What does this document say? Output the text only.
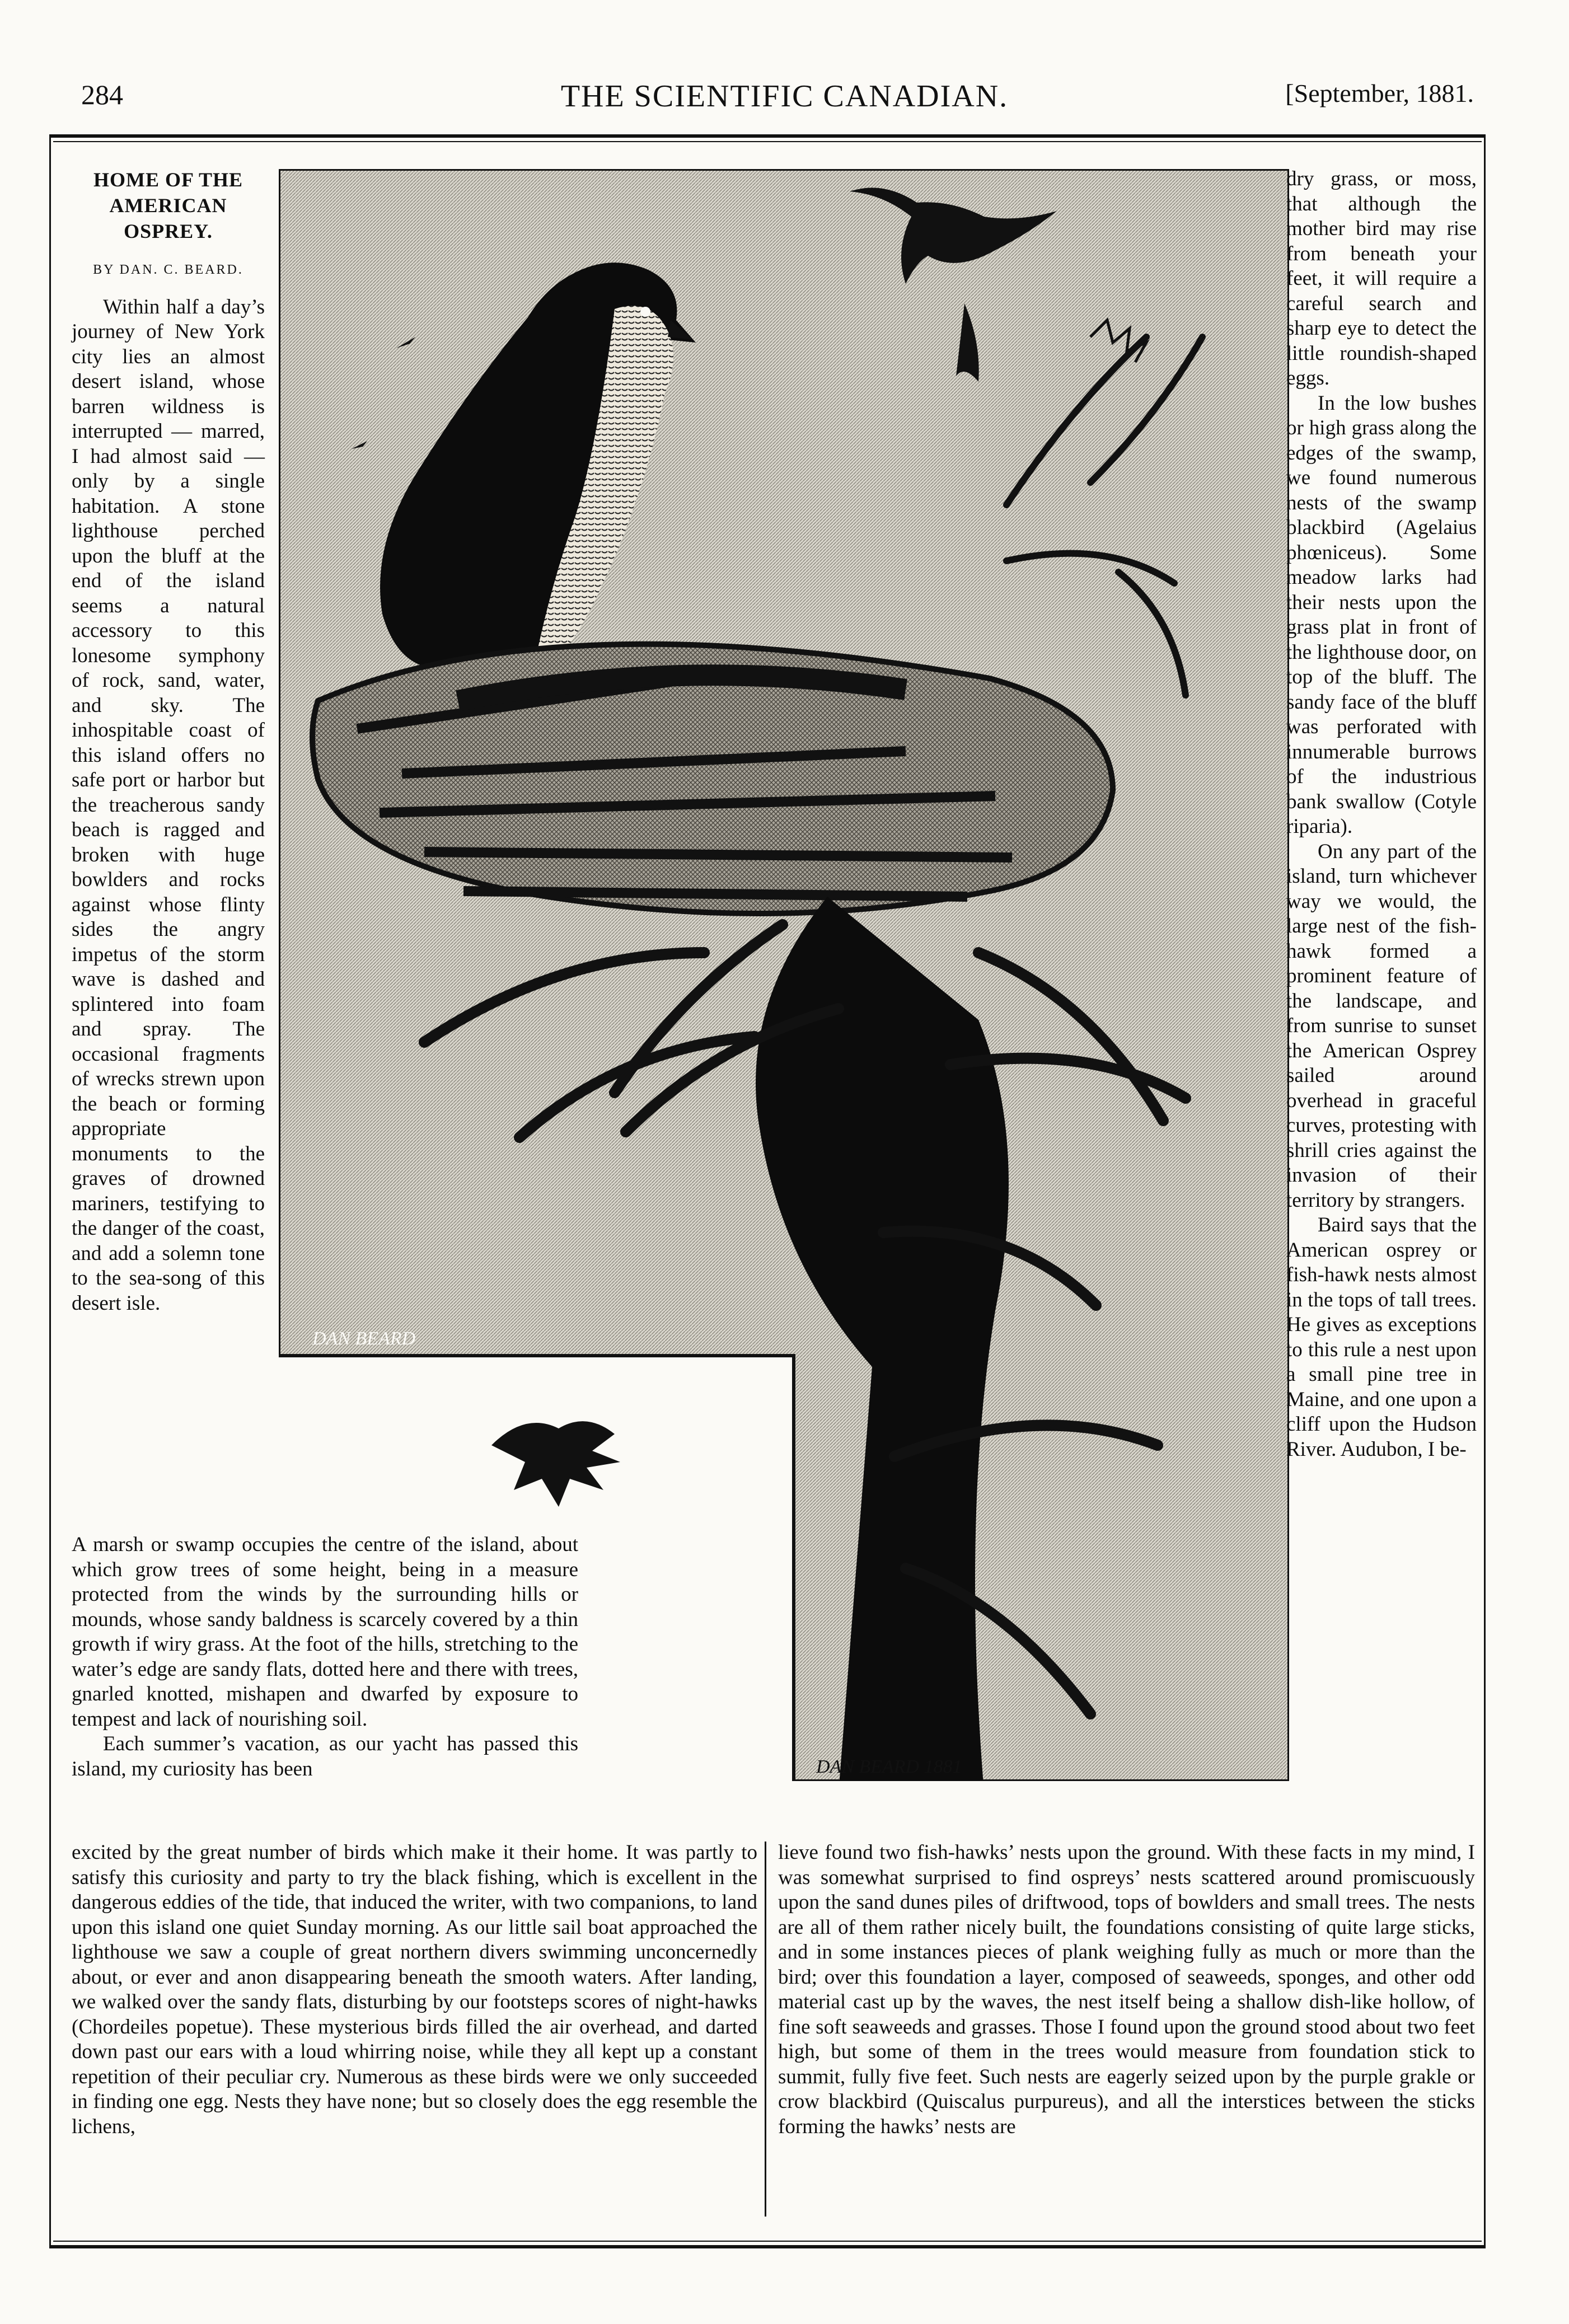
284	THE SCIENTIFIC CANADIAN.	[September, 1881.
HOME OF THE
AMERICAN
OSPREY.
BY DAN. C. BEARD.

Within half a day’s journey of New York city lies an almost desert island, whose barren wildness is interrupted — marred, I had almost said — only by a single habitation. A stone lighthouse perched upon the bluff at the end of the island seems a natural accessory to this lonesome symphony of rock, sand, water, and sky. The inhospitable coast of this island offers no safe port or harbor but the treacherous sandy beach is ragged and broken with huge bowlders and rocks against whose flinty sides the angry impetus of the storm wave is dashed and splintered into foam and spray. The occasional fragments of wrecks strewn upon the beach or forming appropriate monuments to the graves of drowned mariners, testifying to the danger of the coast, and add a solemn tone to the sea-song of this desert isle.

DAN BEARD
DAN BEARD 1881

dry grass, or moss, that although the mother bird may rise from beneath your feet, it will require a careful search and sharp eye to detect the little roundish-shaped eggs.

In the low bushes or high grass along the edges of the swamp, we found numerous nests of the swamp blackbird (Agelaius phœniceus). Some meadow larks had their nests upon the grass plat in front of the lighthouse door, on top of the bluff. The sandy face of the bluff was perforated with innumerable burrows of the industrious bank swallow (Cotyle riparia).

On any part of the island, turn whichever way we would, the large nest of the fish-hawk formed a prominent feature of the landscape, and from sunrise to sunset the American Osprey sailed around overhead in graceful curves, protesting with shrill cries against the invasion of their territory by strangers.

Baird says that the American osprey or fish-hawk nests almost in the tops of tall trees. He gives as exceptions to this rule a nest upon a small pine tree in Maine, and one upon a cliff upon the Hudson River. Audubon, I be-

A marsh or swamp occupies the centre of the island, about which grow trees of some height, being in a measure protected from the winds by the surrounding hills or mounds, whose sandy baldness is scarcely covered by a thin growth if wiry grass. At the foot of the hills, stretching to the water’s edge are sandy flats, dotted here and there with trees, gnarled knotted, mishapen and dwarfed by exposure to tempest and lack of nourishing soil.

Each summer’s vacation, as our yacht has passed this island, my curiosity has been

excited by the great number of birds which make it their home. It was partly to satisfy this curiosity and party to try the black fishing, which is excellent in the dangerous eddies of the tide, that induced the writer, with two companions, to land upon this island one quiet Sunday morning. As our little sail boat approached the lighthouse we saw a couple of great northern divers swimming unconcernedly about, or ever and anon disappearing beneath the smooth waters. After landing, we walked over the sandy flats, disturbing by our footsteps scores of night-hawks (Chordeiles popetue). These mysterious birds filled the air overhead, and darted down past our ears with a loud whirring noise, while they all kept up a constant repetition of their peculiar cry. Numerous as these birds were we only succeeded in finding one egg. Nests they have none; but so closely does the egg resemble the lichens,

lieve found two fish-hawks’ nests upon the ground. With these facts in my mind, I was somewhat surprised to find ospreys’ nests scattered around promiscuously upon the sand dunes piles of driftwood, tops of bowlders and small trees. The nests are all of them rather nicely built, the foundations consisting of quite large sticks, and in some instances pieces of plank weighing fully as much or more than the bird; over this foundation a layer, composed of seaweeds, sponges, and other odd material cast up by the waves, the nest itself being a shallow dish-like hollow, of fine soft seaweeds and grasses. Those I found upon the ground stood about two feet high, but some of them in the trees would measure from foundation stick to summit, fully five feet. Such nests are eagerly seized upon by the purple grakle or crow blackbird (Quiscalus purpureus), and all the interstices between the sticks forming the hawks’ nests are
